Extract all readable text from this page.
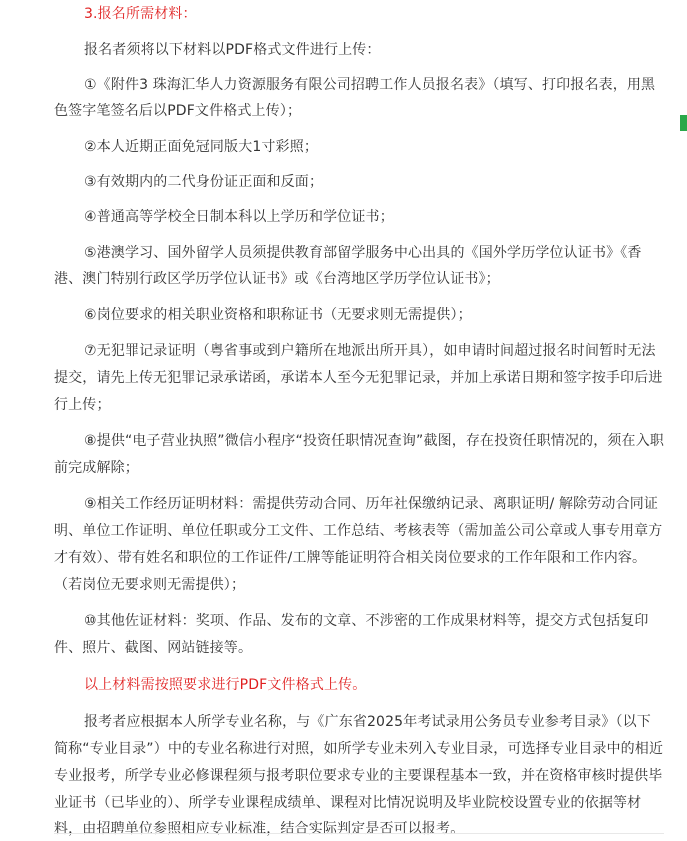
3.报名所需材料：
报名者须将以下材料以PDF格式文件进行上传：
①《附件3 珠海汇华人力资源服务有限公司招聘工作人员报名表》（填写、打印报名表，用黑
色签字笔签名后以PDF文件格式上传）；
②本人近期正面免冠同版大1寸彩照；
③有效期内的二代身份证正面和反面；
④普通高等学校全日制本科以上学历和学位证书；
⑤港澳学习、国外留学人员须提供教育部留学服务中心出具的《国外学历学位认证书》《香
港、澳门特别行政区学历学位认证书》或《台湾地区学历学位认证书》；
⑥岗位要求的相关职业资格和职称证书（无要求则无需提供）；
⑦无犯罪记录证明（粤省事或到户籍所在地派出所开具），如申请时间超过报名时间暂时无法
提交，请先上传无犯罪记录承诺函，承诺本人至今无犯罪记录，并加上承诺日期和签字按手印后进
行上传；
⑧提供“电子营业执照”微信小程序“投资任职情况查询”截图，存在投资任职情况的，须在入职
前完成解除；
⑨相关工作经历证明材料：需提供劳动合同、历年社保缴纳记录、离职证明/ 解除劳动合同证
明、单位工作证明、单位任职或分工文件、工作总结、考核表等（需加盖公司公章或人事专用章方
才有效）、带有姓名和职位的工作证件/工牌等能证明符合相关岗位要求的工作年限和工作内容。
（若岗位无要求则无需提供）；
⑩其他佐证材料：奖项、作品、发布的文章、不涉密的工作成果材料等，提交方式包括复印
件、照片、截图、网站链接等。
以上材料需按照要求进行PDF文件格式上传。
报考者应根据本人所学专业名称，与《广东省2025年考试录用公务员专业参考目录》（以下
简称“专业目录”）中的专业名称进行对照，如所学专业未列入专业目录，可选择专业目录中的相近
专业报考，所学专业必修课程须与报考职位要求专业的主要课程基本一致，并在资格审核时提供毕
业证书（已毕业的）、所学专业课程成绩单、课程对比情况说明及毕业院校设置专业的依据等材
料，由招聘单位参照相应专业标准，结合实际判定是否可以报考。
